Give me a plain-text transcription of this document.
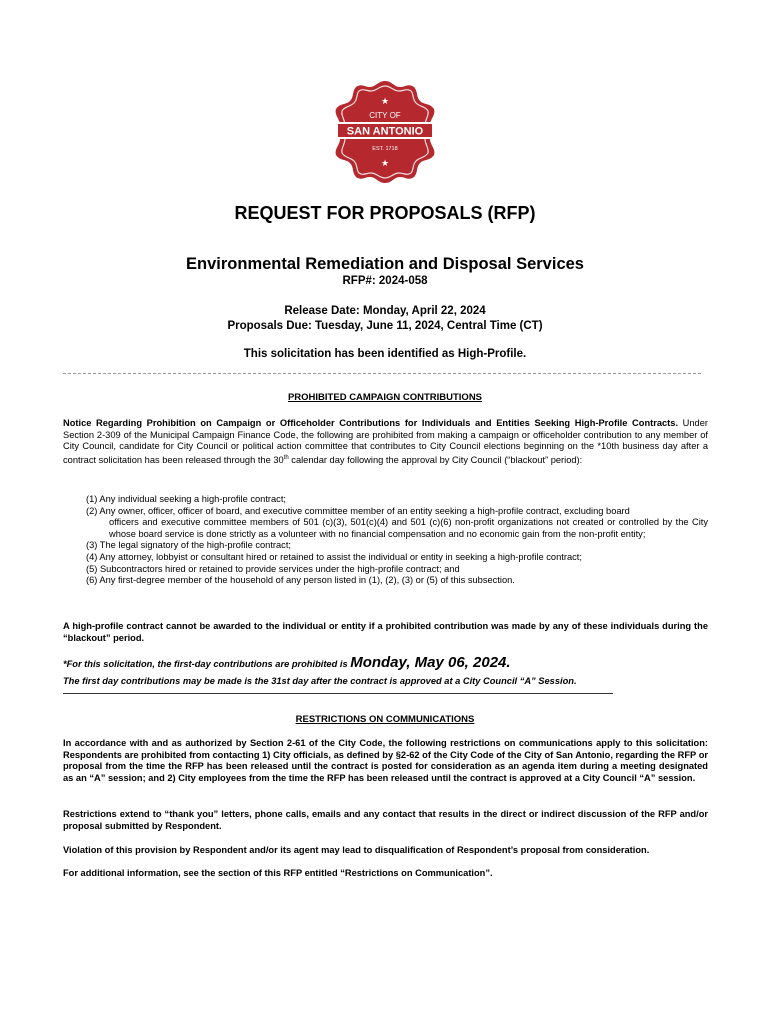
★
CITY OF
SAN ANTONIO
EST. 1718
★
REQUEST FOR PROPOSALS (RFP)
Environmental Remediation and Disposal Services
RFP#: 2024-058
Release Date: Monday, April 22, 2024
Proposals Due: Tuesday, June 11, 2024, Central Time (CT)
This solicitation has been identified as High-Profile.
PROHIBITED CAMPAIGN CONTRIBUTIONS
Notice Regarding Prohibition on Campaign or Officeholder Contributions for Individuals and Entities Seeking High-Profile Contracts. Under Section 2-309 of the Municipal Campaign Finance Code, the following are prohibited from making a campaign or officeholder contribution to any member of City Council, candidate for City Council or political action committee that contributes to City Council elections beginning on the *10th business day after a contract solicitation has been released through the 30th calendar day following the approval by City Council (“blackout” period):
(1) Any individual seeking a high-profile contract;
(2) Any owner, officer, officer of board, and executive committee member of an entity seeking a high-profile contract, excluding board
officers and executive committee members of 501 (c)(3), 501(c)(4) and 501 (c)(6) non-profit organizations not created or controlled by the City whose board service is done strictly as a volunteer with no financial compensation and no economic gain from the non-profit entity;
(3) The legal signatory of the high-profile contract;
(4) Any attorney, lobbyist or consultant hired or retained to assist the individual or entity in seeking a high-profile contract;
(5) Subcontractors hired or retained to provide services under the high-profile contract; and
(6) Any first-degree member of the household of any person listed in (1), (2), (3) or (5) of this subsection.
A high-profile contract cannot be awarded to the individual or entity if a prohibited contribution was made by any of these individuals during the “blackout” period.
*For this solicitation, the first-day contributions are prohibited is Monday, May 06, 2024.
The first day contributions may be made is the 31st day after the contract is approved at a City Council “A” Session.
RESTRICTIONS ON COMMUNICATIONS
In accordance with and as authorized by Section 2-61 of the City Code, the following restrictions on communications apply to this solicitation: Respondents are prohibited from contacting 1) City officials, as defined by §2-62 of the City Code of the City of San Antonio, regarding the RFP or proposal from the time the RFP has been released until the contract is posted for consideration as an agenda item during a meeting designated as an “A” session; and 2) City employees from the time the RFP has been released until the contract is approved at a City Council “A” session.
Restrictions extend to “thank you” letters, phone calls, emails and any contact that results in the direct or indirect discussion of the RFP and/or proposal submitted by Respondent.
Violation of this provision by Respondent and/or its agent may lead to disqualification of Respondent’s proposal from consideration.
For additional information, see the section of this RFP entitled “Restrictions on Communication”.
